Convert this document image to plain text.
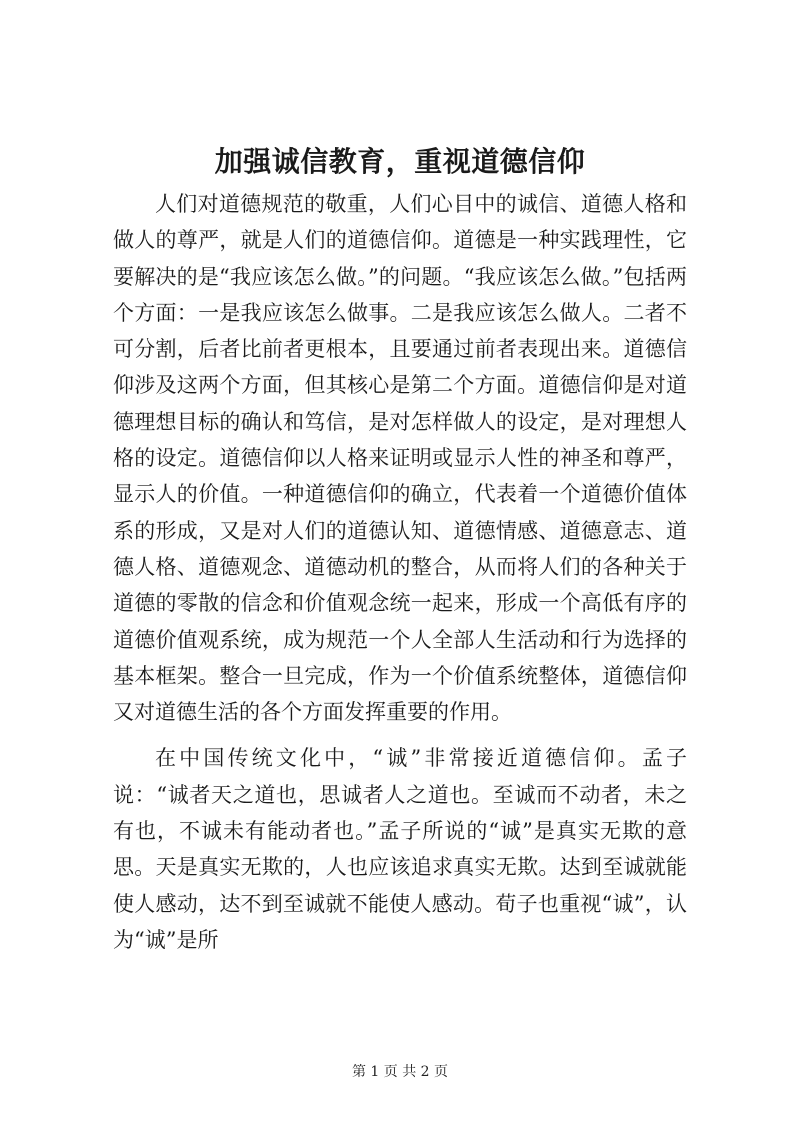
加强诚信教育，重视道德信仰

人们对道德规范的敬重，人们心目中的诚信、道德人格和做人的尊严，就是人们的道德信仰。道德是一种实践理性，它要解决的是“我应该怎么做。”的问题。“我应该怎么做。”包括两个方面：一是我应该怎么做事。二是我应该怎么做人。二者不可分割，后者比前者更根本，且要通过前者表现出来。道德信仰涉及这两个方面，但其核心是第二个方面。道德信仰是对道德理想目标的确认和笃信，是对怎样做人的设定，是对理想人格的设定。道德信仰以人格来证明或显示人性的神圣和尊严，显示人的价值。一种道德信仰的确立，代表着一个道德价值体系的形成，又是对人们的道德认知、道德情感、道德意志、道德人格、道德观念、道德动机的整合，从而将人们的各种关于道德的零散的信念和价值观念统一起来，形成一个高低有序的道德价值观系统，成为规范一个人全部人生活动和行为选择的基本框架。整合一旦完成，作为一个价值系统整体，道德信仰又对道德生活的各个方面发挥重要的作用。

在中国传统文化中，“诚”非常接近道德信仰。孟子说：“诚者天之道也，思诚者人之道也。至诚而不动者，未之有也，不诚未有能动者也。”孟子所说的“诚”是真实无欺的意思。天是真实无欺的，人也应该追求真实无欺。达到至诚就能使人感动，达不到至诚就不能使人感动。荀子也重视“诚”，认为“诚”是所

第 1 页 共 2 页
